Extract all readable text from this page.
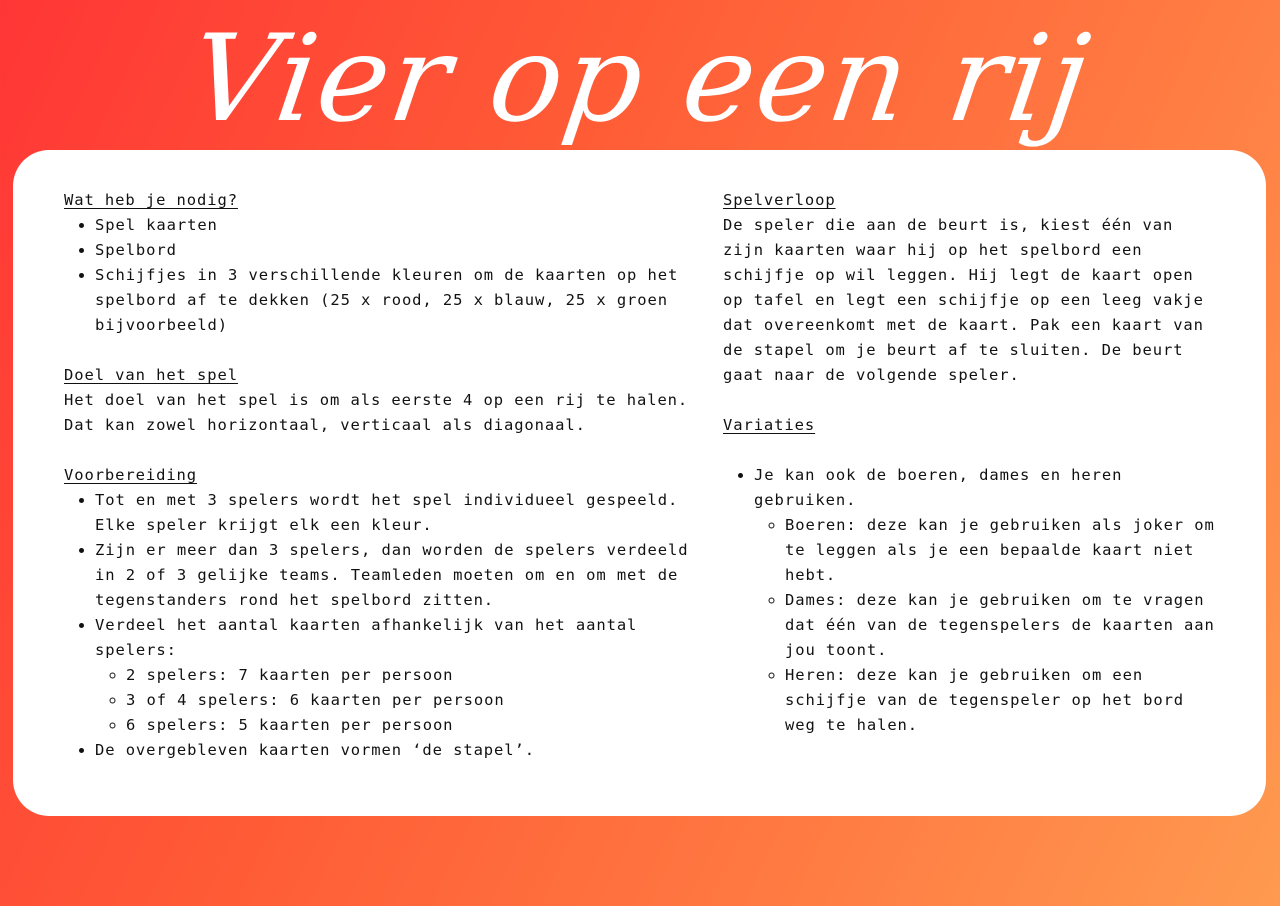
Vier op een rij

Wat heb je nodig?

• Spel kaarten
• Spelbord
• Schijfjes in 3 verschillende kleuren om de kaarten op het spelbord af te dekken (25 x rood, 25 x blauw, 25 x groen bijvoorbeeld)

Doel van het spel

Het doel van het spel is om als eerste 4 op een rij te halen.

Dat kan zowel horizontaal, verticaal als diagonaal.

Voorbereiding

• Tot en met 3 spelers wordt het spel individueel gespeeld. Elke speler krijgt elk een kleur.
• Zijn er meer dan 3 spelers, dan worden de spelers verdeeld in 2 of 3 gelijke teams. Teamleden moeten om en om met de tegenstanders rond het spelbord zitten.
• Verdeel het aantal kaarten afhankelijk van het aantal spelers:
◦ 2 spelers: 7 kaarten per persoon
◦ 3 of 4 spelers: 6 kaarten per persoon
◦ 6 spelers: 5 kaarten per persoon
• De overgebleven kaarten vormen ‘de stapel’.

Spelverloop

De speler die aan de beurt is, kiest één van zijn kaarten waar hij op het spelbord een schijfje op wil leggen. Hij legt de kaart open op tafel en legt een schijfje op een leeg vakje dat overeenkomt met de kaart. Pak een kaart van de stapel om je beurt af te sluiten. De beurt gaat naar de volgende speler.

Variaties

• Je kan ook de boeren, dames en heren gebruiken.
◦ Boeren: deze kan je gebruiken als joker om te leggen als je een bepaalde kaart niet hebt.
◦ Dames: deze kan je gebruiken om te vragen dat één van de tegenspelers de kaarten aan jou toont.
◦ Heren: deze kan je gebruiken om een schijfje van de tegenspeler op het bord weg te halen.
